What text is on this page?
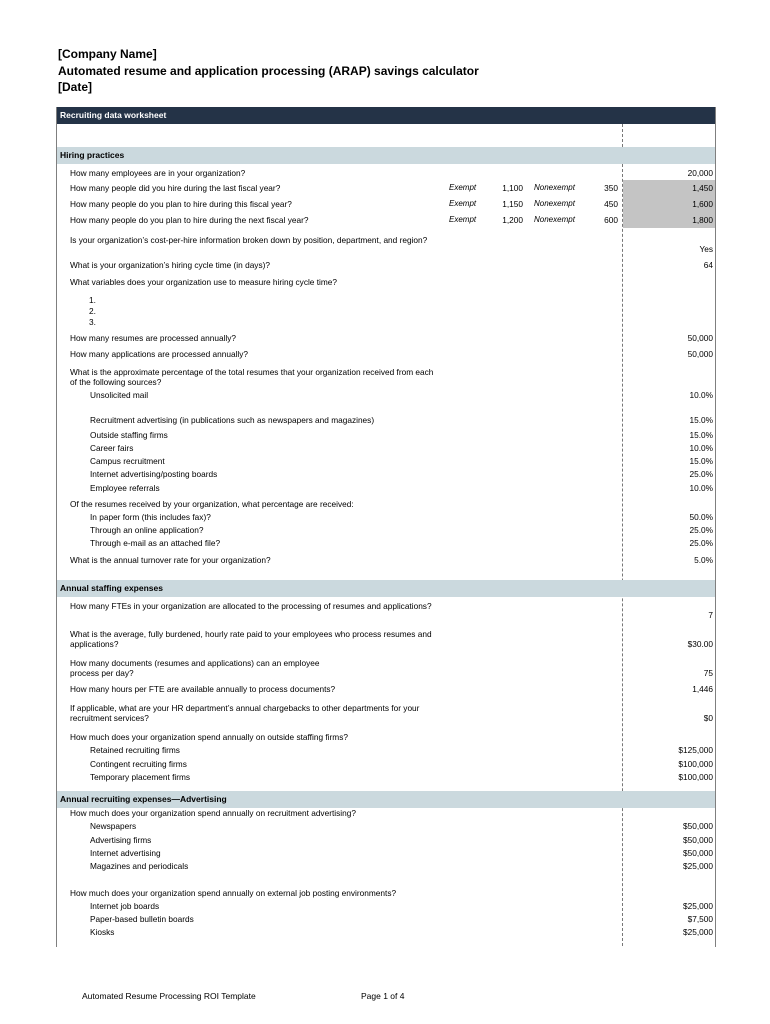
[Company Name]
Automated resume and application processing (ARAP) savings calculator
[Date]
Recruiting data worksheet
Hiring practices
How many employees are in your organization?	20,000
How many people did you hire during the last fiscal year?	Exempt	1,100 Nonexempt	350	1,450
How many people do you plan to hire during this fiscal year?	Exempt	1,150 Nonexempt	450	1,600
How many people do you plan to hire during the next fiscal year?	Exempt	1,200 Nonexempt	600	1,800
Is your organization’s cost-per-hire information broken down by position, department, and region?
Yes
What is your organization’s hiring cycle time (in days)?	64
What variables does your organization use to measure hiring cycle time?
1.
2.
3.
How many resumes are processed annually?	50,000
How many applications are processed annually?	50,000
What is the approximate percentage of the total resumes that your organization received from each of the following sources?
Unsolicited mail	10.0%
Recruitment advertising (in publications such as newspapers and magazines)	15.0%
Outside staffing firms	15.0%
Career fairs	10.0%
Campus recruitment	15.0%
Internet advertising/posting boards	25.0%
Employee referrals	10.0%
Of the resumes received by your organization, what percentage are received:
In paper form (this includes fax)?	50.0%
Through an online application?	25.0%
Through e-mail as an attached file?	25.0%
What is the annual turnover rate for your organization?	5.0%
Annual staffing expenses
How many FTEs in your organization are allocated to the processing of resumes and applications?
7
What is the average, fully burdened, hourly rate paid to your employees who process resumes and applications?	$30.00
How many documents (resumes and applications) can an employee
process per day?	75
How many hours per FTE are available annually to process documents?	1,446
If applicable, what are your HR department’s annual chargebacks to other departments for your recruitment services?	$0
How much does your organization spend annually on outside staffing firms?
Retained recruiting firms	$125,000
Contingent recruiting firms	$100,000
Temporary placement firms	$100,000
Annual recruiting expenses—Advertising
How much does your organization spend annually on recruitment advertising?
Newspapers	$50,000
Advertising firms	$50,000
Internet advertising	$50,000
Magazines and periodicals	$25,000
How much does your organization spend annually on external job posting environments?
Internet job boards	$25,000
Paper-based bulletin boards	$7,500
Kiosks	$25,000
Automated Resume Processing ROI Template	Page 1 of 4
